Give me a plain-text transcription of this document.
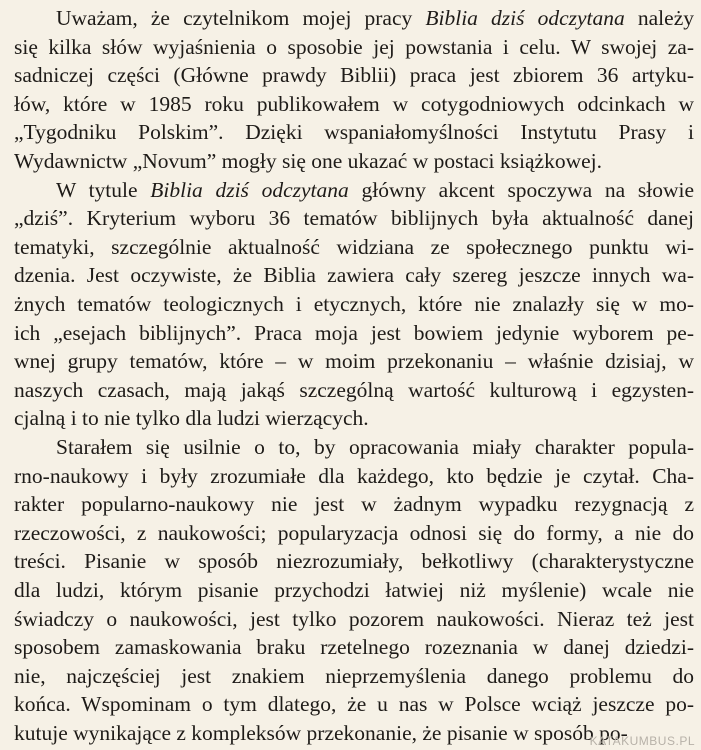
Uważam, że czytelnikom mojej pracy Biblia dziś odczytana należy
się kilka słów wyjaśnienia o sposobie jej powstania i celu. W swojej za-
sadniczej części (Główne prawdy Biblii) praca jest zbiorem 36 artyku-
łów, które w 1985 roku publikowałem w cotygodniowych odcinkach w
„Tygodniku Polskim”. Dzięki wspaniałomyślności Instytutu Prasy i
Wydawnictw „Novum” mogły się one ukazać w postaci książkowej.
W tytule Biblia dziś odczytana główny akcent spoczywa na słowie
„dziś”. Kryterium wyboru 36 tematów biblijnych była aktualność danej
tematyki, szczególnie aktualność widziana ze społecznego punktu wi-
dzenia. Jest oczywiste, że Biblia zawiera cały szereg jeszcze innych wa-
żnych tematów teologicznych i etycznych, które nie znalazły się w mo-
ich „esejach biblijnych”. Praca moja jest bowiem jedynie wyborem pe-
wnej grupy tematów, które – w moim przekonaniu – właśnie dzisiaj, w
naszych czasach, mają jakąś szczególną wartość kulturową i egzysten-
cjalną i to nie tylko dla ludzi wierzących.
Starałem się usilnie o to, by opracowania miały charakter popula-
rno-naukowy i były zrozumiałe dla każdego, kto będzie je czytał. Cha-
rakter popularno-naukowy nie jest w żadnym wypadku rezygnacją z
rzeczowości, z naukowości; popularyzacja odnosi się do formy, a nie do
treści. Pisanie w sposób niezrozumiały, bełkotliwy (charakterystyczne
dla ludzi, którym pisanie przychodzi łatwiej niż myślenie) wcale nie
świadczy o naukowości, jest tylko pozorem naukowości. Nieraz też jest
sposobem zamaskowania braku rzetelnego rozeznania w danej dziedzi-
nie, najczęściej jest znakiem nieprzemyślenia danego problemu do
końca. Wspominam o tym dlatego, że u nas w Polsce wciąż jeszcze po-
kutuje wynikające z kompleksów przekonanie, że pisanie w sposób po-
KATAKUMBUS.PL
